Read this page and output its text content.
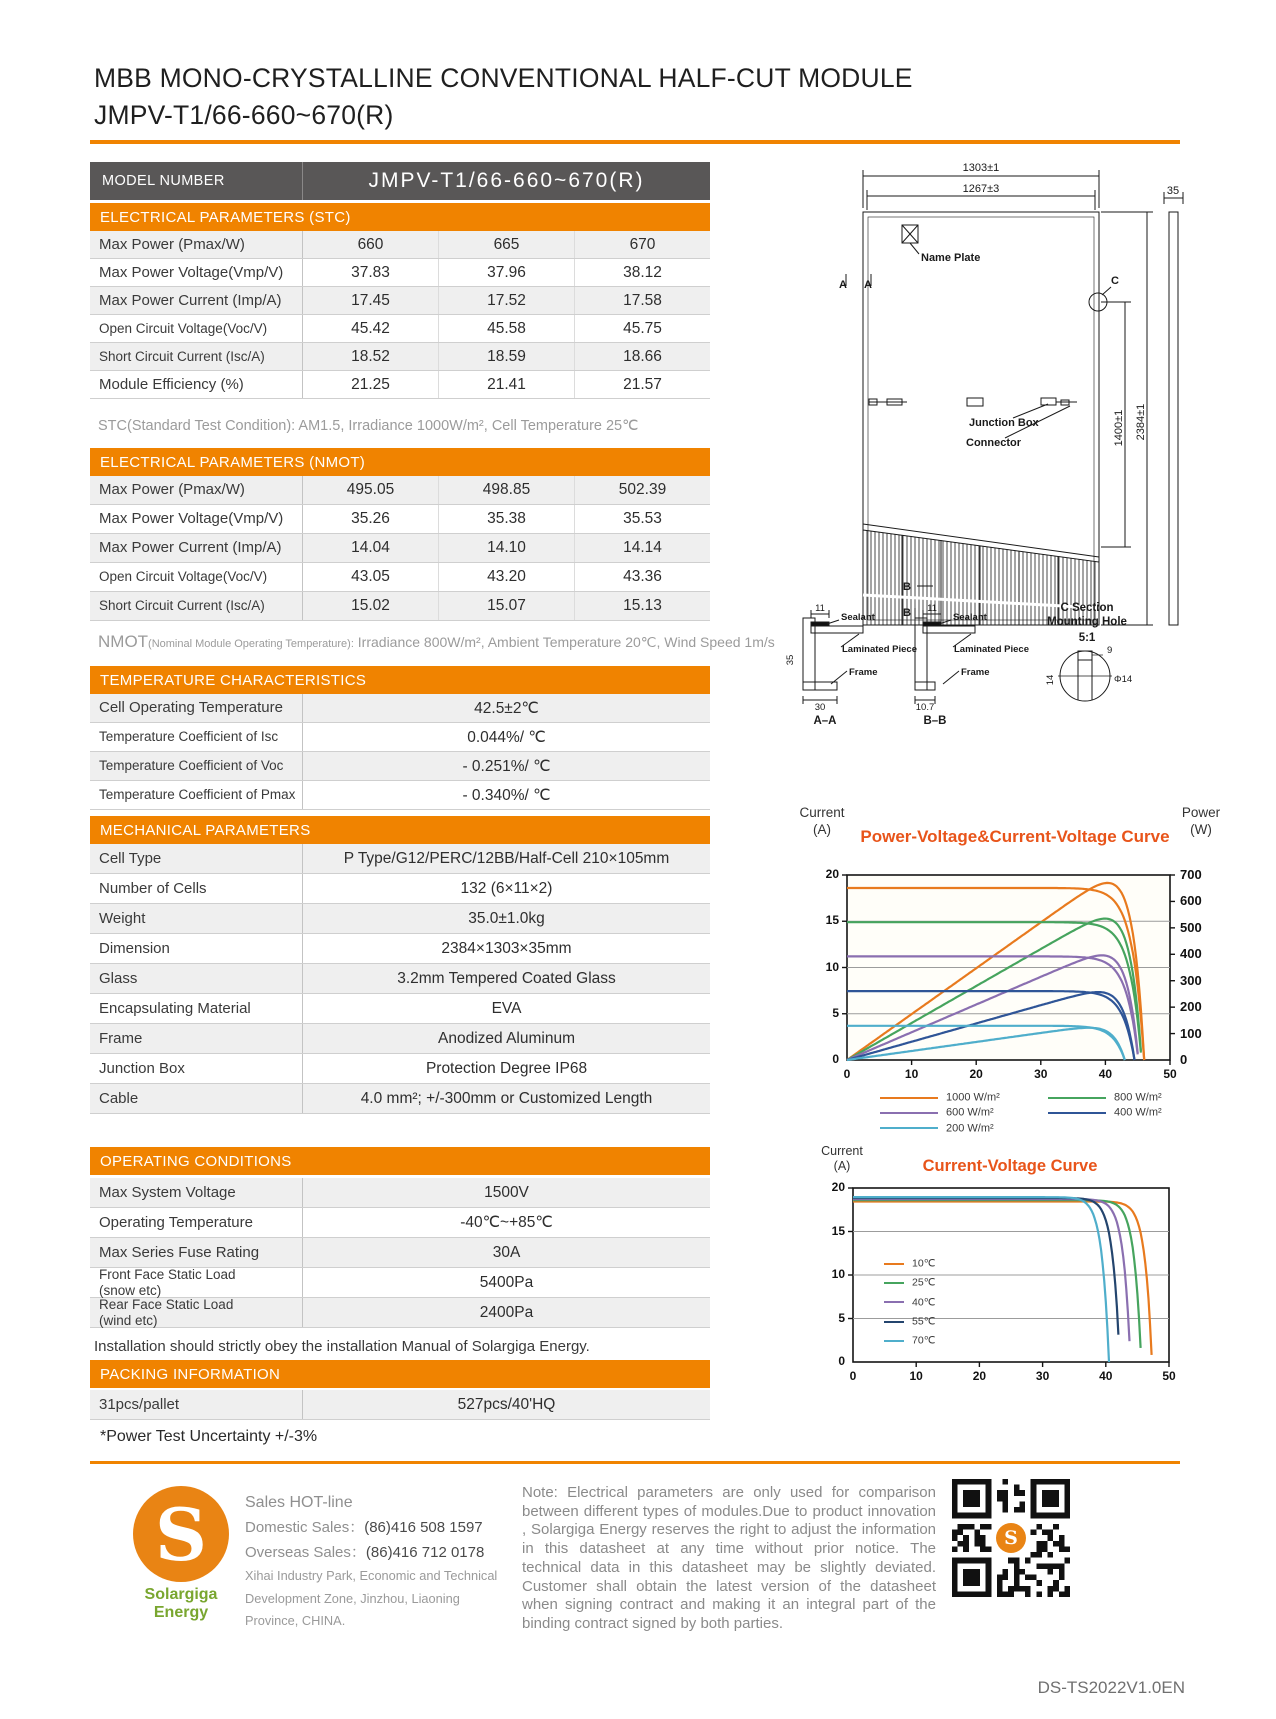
MBB MONO-CRYSTALLINE CONVENTIONAL HALF-CUT MODULE
JMPV-T1/66-660~670(R)
MODEL NUMBER	JMPV-T1/66-660~670(R)
ELECTRICAL PARAMETERS (STC)
Max Power (Pmax/W)	660	665	670
Max Power Voltage(Vmp/V)	37.83	37.96	38.12
Max Power Current (Imp/A)	17.45	17.52	17.58
Open Circuit Voltage(Voc/V)	45.42	45.58	45.75
Short Circuit Current (Isc/A)	18.52	18.59	18.66
Module Efficiency (%)	21.25	21.41	21.57
STC(Standard Test Condition): AM1.5, Irradiance 1000W/m², Cell Temperature 25℃
ELECTRICAL PARAMETERS (NMOT)
Max Power (Pmax/W)	495.05	498.85	502.39
Max Power Voltage(Vmp/V)	35.26	35.38	35.53
Max Power Current (Imp/A)	14.04	14.10	14.14
Open Circuit Voltage(Voc/V)	43.05	43.20	43.36
Short Circuit Current (Isc/A)	15.02	15.07	15.13
NMOT(Nominal Module Operating Temperature): Irradiance 800W/m², Ambient Temperature 20℃, Wind Speed 1m/s
TEMPERATURE CHARACTERISTICS
Cell Operating Temperature	42.5±2℃
Temperature Coefficient of Isc	0.044%/ ℃
Temperature Coefficient of Voc	- 0.251%/ ℃
Temperature Coefficient of Pmax	- 0.340%/ ℃
MECHANICAL PARAMETERS
Cell Type	P Type/G12/PERC/12BB/Half-Cell 210×105mm
Number of Cells	132 (6×11×2)
Weight	35.0±1.0kg
Dimension	2384×1303×35mm
Glass	3.2mm Tempered Coated Glass
Encapsulating Material	EVA
Frame	Anodized Aluminum
Junction Box	Protection Degree IP68
Cable	4.0 mm²; +/-300mm or Customized Length
OPERATING CONDITIONS
Max System Voltage	1500V
Operating Temperature	-40℃~+85℃
Max Series Fuse Rating	30A
Front Face Static Load
(snow etc)	5400Pa
Rear Face Static Load
(wind etc)	2400Pa
Installation should strictly obey the installation Manual of Solargiga Energy.
PACKING INFORMATION
31pcs/pallet	527pcs/40'HQ
*Power Test Uncertainty +/-3%
1303±1
1267±3	35
Name Plate
A A	C
Junction Box
Connector	1400±1 2384±1
B
B
11	11
35
30	10.7
Sealant	Sealant
Laminated Piece	Laminated Piece
Frame	Frame
9
14	Φ14
A–A	B–B
C Section
Mounting Hole
5:1
Current
(A)	Power-Voltage&Current-Voltage Curve
Power
(W)
Current
(A)	Current-Voltage Curve
S
Solargiga Energy
Sales HOT-line
Domestic Sales：(86)416 508 1597
Overseas Sales：(86)416 712 0178
Xihai Industry Park, Economic and Technical
Development Zone, Jinzhou, Liaoning
Province, CHINA.
Note: Electrical parameters are only used for comparison between different types of modules.Due to product innovation , Solargiga Energy reserves the right to adjust the information in this datasheet at any time without prior notice. The technical data in this datasheet may be slightly deviated. Customer shall obtain the latest version of the datasheet when signing contract and making it an integral part of the binding contract signed by both parties.
S
DS-TS2022V1.0EN
0
5
10
15
20
0
100
200
300
400
500
600
700
0	10	20	30	40	50
1000 W/m²	800 W/m²
600 W/m²	400 W/m²
200 W/m²
0
5
10
15
20
0	10	20	30	40	50
10℃
25℃
40℃
55℃
70℃
